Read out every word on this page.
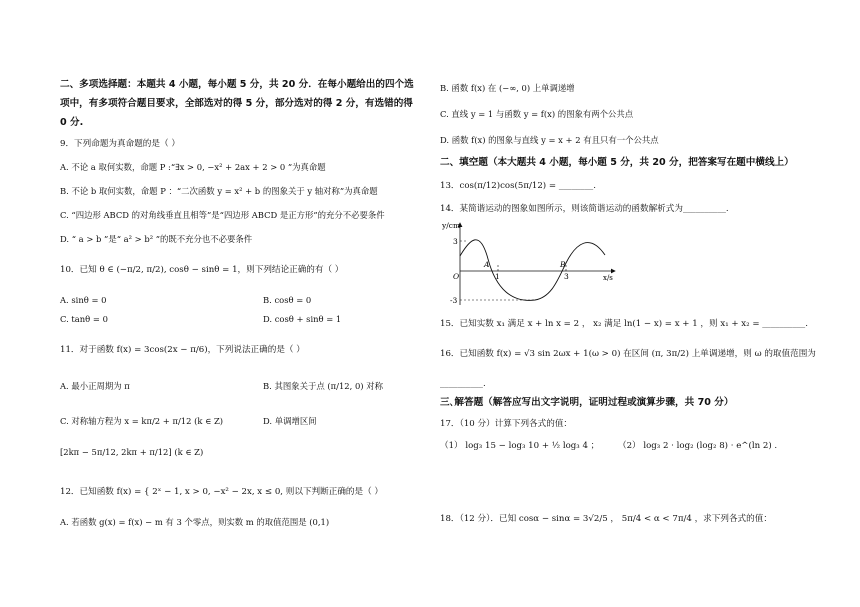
二、多项选择题：本题共 4 小题，每小题 5 分，共 20 分．在每小题给出的四个选
项中，有多项符合题目要求，全部选对的得 5 分，部分选对的得 2 分，有选错的得
0 分.
9．下列命题为真命题的是（ ）
A. 不论 a 取何实数，命题 P :“∃x > 0, −x² + 2ax + 2 > 0 ”为真命题
B. 不论 b 取何实数，命题 P ：“二次函数 y = x² + b 的图象关于 y 轴对称”为真命题
C. “四边形 ABCD 的对角线垂直且相等”是“四边形 ABCD 是正方形”的充分不必要条件
D. “ a > b ”是“ a² > b² ”的既不充分也不必要条件
10．已知 θ ∈ (−π/2, π/2), cosθ − sinθ = 1，则下列结论正确的有（ ）
A. sinθ = 0	B. cosθ = 0
C. tanθ = 0	D. cosθ + sinθ = 1
11．对于函数 f(x) = 3cos(2x − π/6)，下列说法正确的是（ ）
A. 最小正周期为 π	B. 其图象关于点 (π/12, 0) 对称
C. 对称轴方程为 x = kπ/2 + π/12 (k ∈ Z)	D. 单调增区间
[2kπ − 5π/12, 2kπ + π/12] (k ∈ Z)
12．已知函数 f(x) = { 2ˣ − 1, x > 0, −x² − 2x, x ≤ 0, 则以下判断正确的是（ ）
A. 若函数 g(x) = f(x) − m 有 3 个零点，则实数 m 的取值范围是 (0,1)
B. 函数 f(x) 在 (−∞, 0) 上单调递增
C. 直线 y = 1 与函数 y = f(x) 的图象有两个公共点
D. 函数 f(x) 的图象与直线 y = x + 2 有且只有一个公共点
二、填空题（本大题共 4 小题，每小题 5 分，共 20 分，把答案写在题中横线上）
13．cos(π/12)cos(5π/12) = ________.
14．某简谐运动的图象如图所示，则该简谐运动的函数解析式为__________.
y/cm
x/s
O
3
-3
1	3
A	B
15．已知实数 x₁ 满足 x + ln x = 2 ， x₂ 满足 ln(1 − x) = x + 1 ，则 x₁ + x₂ = __________.
16．已知函数 f(x) = √3 sin 2ωx + 1(ω > 0) 在区间 (π, 3π/2) 上单调递增，则 ω 的取值范围为
__________.
三､解答题（解答应写出文字说明，证明过程或演算步骤，共 70 分）
17．（10 分）计算下列各式的值：
（1） log₃ 15 − log₃ 10 + ½ log₃ 4 ； （2） log₃ 2 · log₂ (log₂ 8) · e^(ln 2) .
18．（12 分）．已知 cosα − sinα = 3√2/5 ， 5π/4 < α < 7π/4 ，求下列各式的值：
